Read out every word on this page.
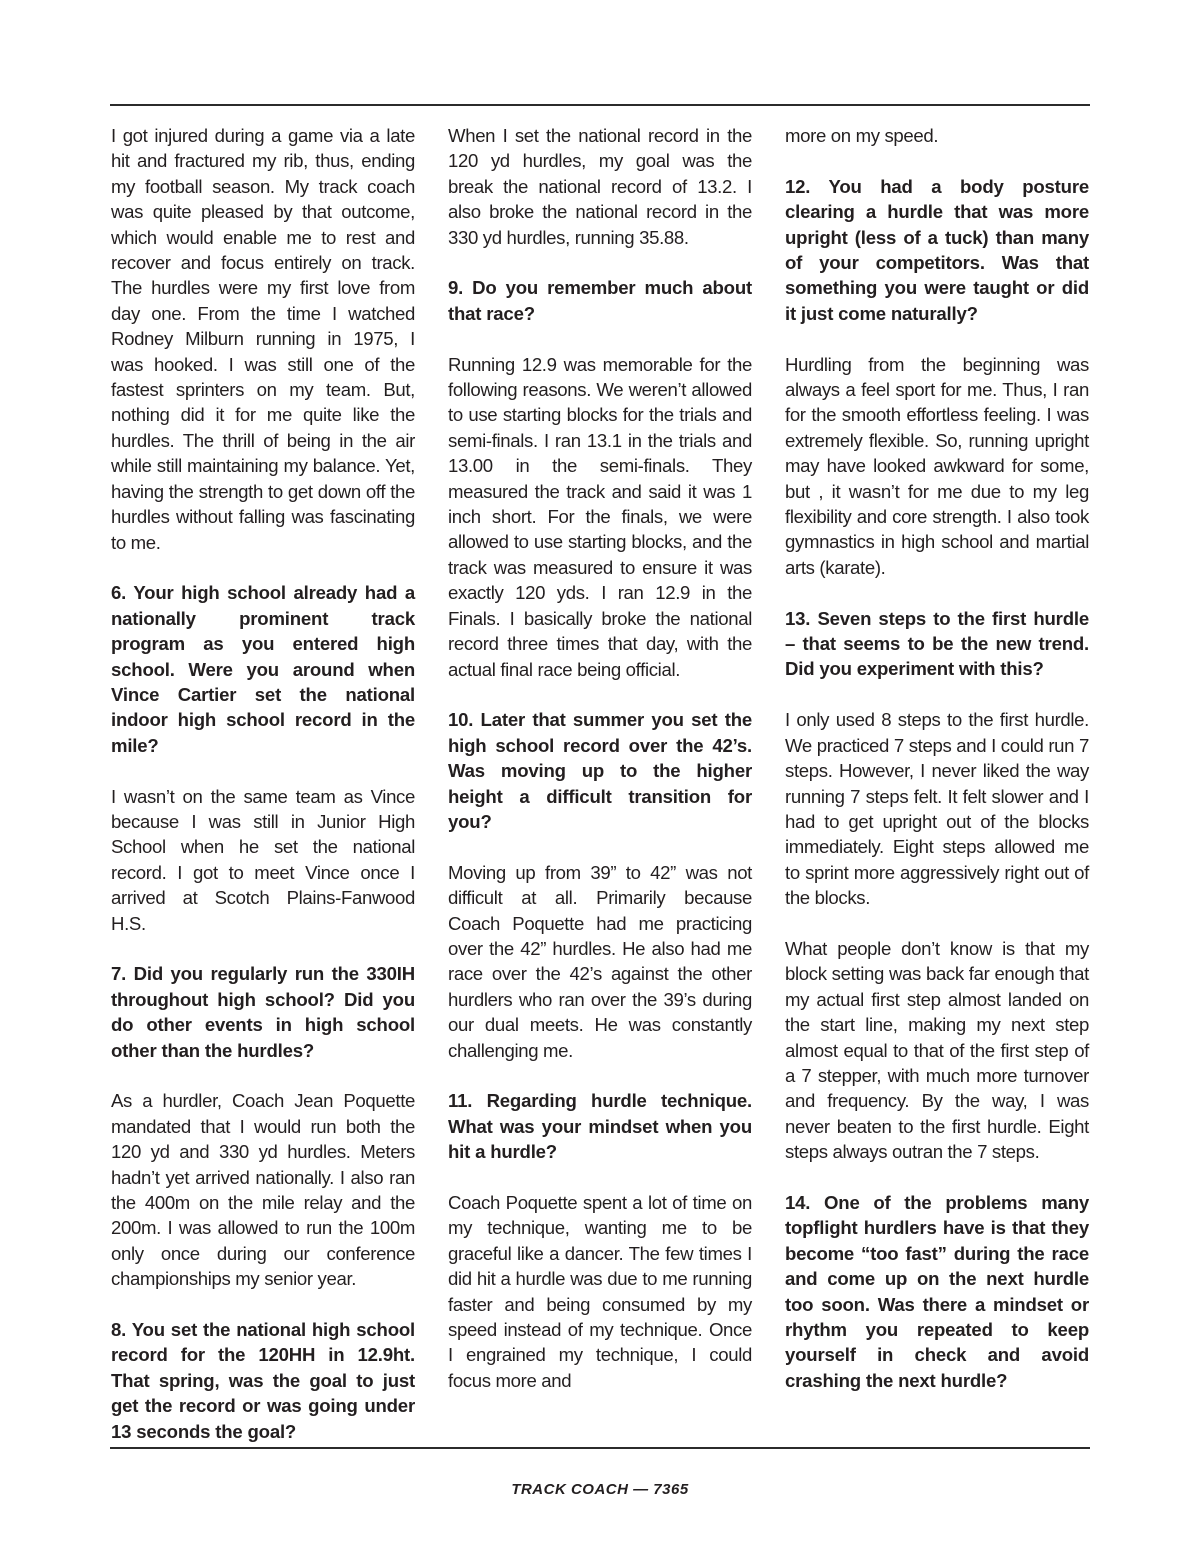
I got injured during a game via a late hit and fractured my rib, thus, ending my football season. My track coach was quite pleased by that outcome, which would enable me to rest and recover and focus entirely on track. The hurdles were my first love from day one. From the time I watched Rodney Milburn running in 1975, I was hooked. I was still one of the fastest sprinters on my team. But, nothing did it for me quite like the hurdles. The thrill of being in the air while still maintaining my balance. Yet, having the strength to get down off the hurdles without falling was fascinating to me.

6. Your high school already had a nationally prominent track program as you entered high school. Were you around when Vince Cartier set the national indoor high school record in the mile?

I wasn’t on the same team as Vince because I was still in Junior High School when he set the national record. I got to meet Vince once I arrived at Scotch Plains-Fanwood H.S.

7. Did you regularly run the 330IH throughout high school? Did you do other events in high school other than the hurdles?

As a hurdler, Coach Jean Poquette mandated that I would run both the 120 yd and 330 yd hurdles. Meters hadn’t yet arrived nationally. I also ran the 400m on the mile relay and the 200m. I was allowed to run the 100m only once during our conference championships my senior year.

8. You set the national high school record for the 120HH in 12.9ht. That spring, was the goal to just get the record or was going under 13 seconds the goal?

When I set the national record in the 120 yd hurdles, my goal was the break the national record of 13.2. I also broke the national record in the 330 yd hurdles, running 35.88.

9. Do you remember much about that race?

Running 12.9 was memorable for the following reasons. We weren’t allowed to use starting blocks for the trials and semi-finals. I ran 13.1 in the trials and 13.00 in the semi-finals. They measured the track and said it was 1 inch short. For the finals, we were allowed to use starting blocks, and the track was measured to ensure it was exactly 120 yds. I ran 12.9 in the Finals. I basically broke the national record three times that day, with the actual final race being official.

10. Later that summer you set the high school record over the 42’s. Was moving up to the higher height a difficult transition for you?

Moving up from 39” to 42” was not difficult at all. Primarily because Coach Poquette had me practicing over the 42” hurdles. He also had me race over the 42’s against the other hurdlers who ran over the 39’s during our dual meets. He was constantly challenging me.

11. Regarding hurdle technique. What was your mindset when you hit a hurdle?

Coach Poquette spent a lot of time on my technique, wanting me to be graceful like a dancer. The few times I did hit a hurdle was due to me running faster and being consumed by my speed instead of my technique. Once I engrained my technique, I could focus more and

more on my speed.

12. You had a body posture clearing a hurdle that was more upright (less of a tuck) than many of your competitors. Was that something you were taught or did it just come naturally?

Hurdling from the beginning was always a feel sport for me. Thus, I ran for the smooth effortless feeling. I was extremely flexible. So, running upright may have looked awkward for some, but , it wasn’t for me due to my leg flexibility and core strength. I also took gymnastics in high school and martial arts (karate).

13. Seven steps to the first hurdle – that seems to be the new trend. Did you experiment with this?

I only used 8 steps to the first hurdle. We practiced 7 steps and I could run 7 steps. However, I never liked the way running 7 steps felt. It felt slower and I had to get upright out of the blocks immediately. Eight steps allowed me to sprint more aggressively right out of the blocks.

What people don’t know is that my block setting was back far enough that my actual first step almost landed on the start line, making my next step almost equal to that of the first step of a 7 stepper, with much more turnover and frequency. By the way, I was never beaten to the first hurdle. Eight steps always outran the 7 steps.

14. One of the problems many topflight hurdlers have is that they become “too fast” during the race and come up on the next hurdle too soon. Was there a mindset or rhythm you repeated to keep yourself in check and avoid crashing the next hurdle?

TRACK COACH — 7365
